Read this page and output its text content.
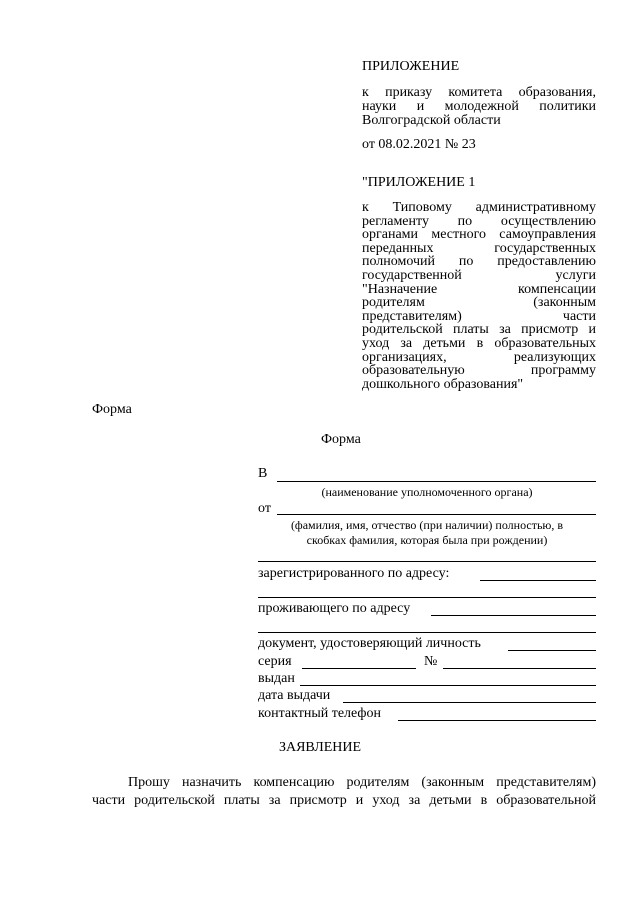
ПРИЛОЖЕНИЕ
к приказу комитета образования,
науки и молодежной политики
Волгоградской области
от 08.02.2021 № 23
"ПРИЛОЖЕНИЕ 1
к Типовому административному
регламенту по осуществлению
органами местного самоуправления
переданных государственных
полномочий по предоставлению
государственной услуги
"Назначение компенсации
родителям (законным
представителям) части
родительской платы за присмотр и
уход за детьми в образовательных
организациях, реализующих
образовательную программу
дошкольного образования"
Форма
Форма
В
(наименование уполномоченного органа)
от
(фамилия, имя, отчество (при наличии) полностью, в
скобках фамилия, которая была при рождении)
зарегистрированного по адресу:
проживающего по адресу
документ, удостоверяющий личность
серия	№
выдан
дата выдачи
контактный телефон
ЗАЯВЛЕНИЕ
Прошу назначить компенсацию родителям (законным представителям)
части родительской платы за присмотр и уход за детьми в образовательной
